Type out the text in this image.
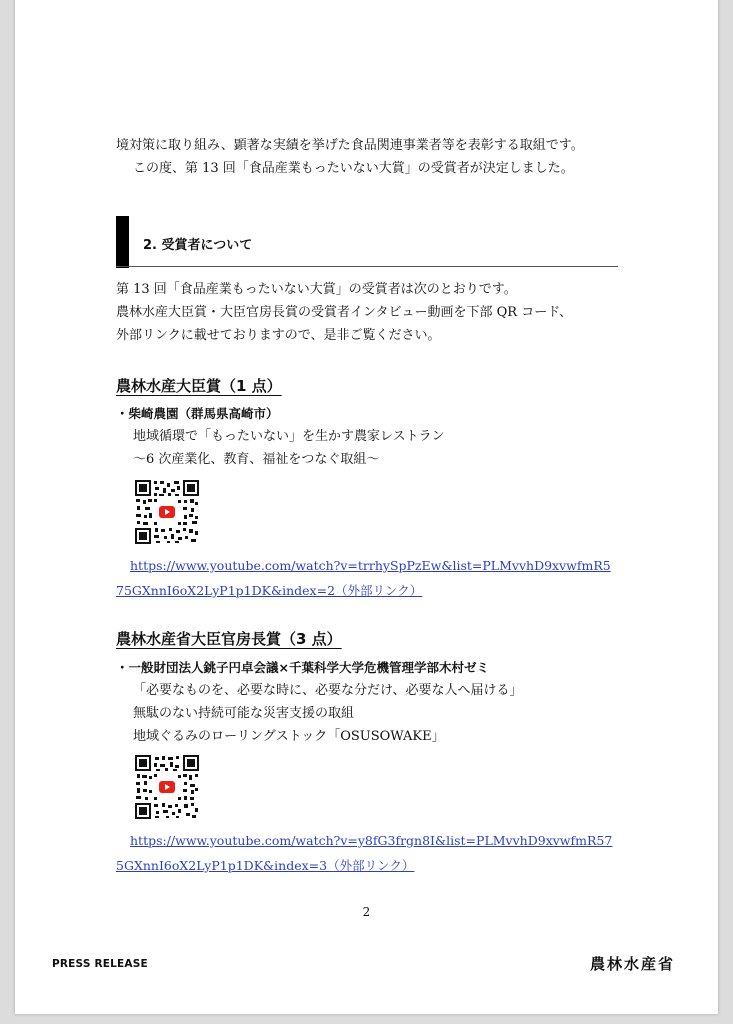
境対策に取り組み、顕著な実績を挙げた食品関連事業者等を表彰する取組です。
この度、第 13 回「食品産業もったいない大賞」の受賞者が決定しました。
2. 受賞者について
第 13 回「食品産業もったいない大賞」の受賞者は次のとおりです。
農林水産大臣賞・大臣官房長賞の受賞者インタビュー動画を下部 QR コード、
外部リンクに載せておりますので、是非ご覧ください。
農林水産大臣賞（1 点）
・柴崎農園（群馬県高崎市）
地域循環で「もったいない」を生かす農家レストラン
〜6 次産業化、教育、福祉をつなぐ取組〜
https://www.youtube.com/watch?v=trrhySpPzEw&list=PLMvvhD9xvwfmR5
75GXnnI6oX2LyP1p1DK&index=2（外部リンク）
農林水産省大臣官房長賞（3 点）
・一般財団法人銚子円卓会議×千葉科学大学危機管理学部木村ゼミ
「必要なものを、必要な時に、必要な分だけ、必要な人へ届ける」
無駄のない持続可能な災害支援の取組
地域ぐるみのローリングストック「OSUSOWAKE」
https://www.youtube.com/watch?v=y8fG3frgn8I&list=PLMvvhD9xvwfmR57
5GXnnI6oX2LyP1p1DK&index=3（外部リンク）
2
PRESS RELEASE	農林水産省
